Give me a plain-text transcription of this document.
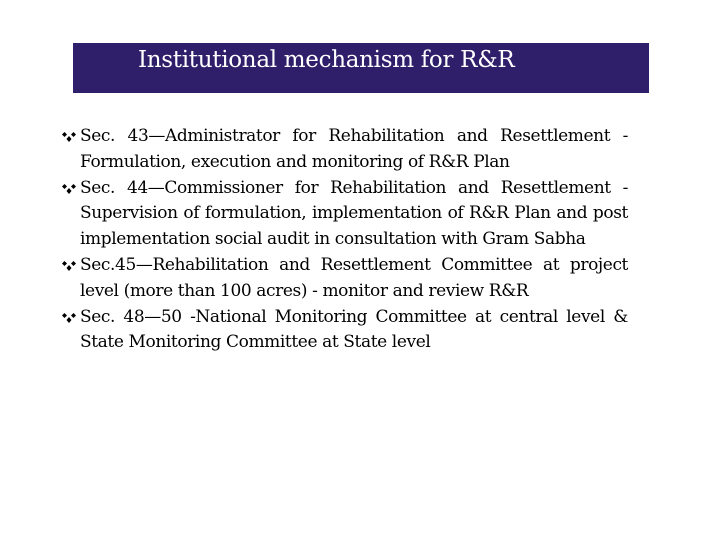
Institutional mechanism for R&R
Sec. 43—Administrator for Rehabilitation and Resettlement -Formulation, execution and monitoring of R&R Plan
Sec. 44—Commissioner for Rehabilitation and Resettlement -Supervision of formulation, implementation of R&R Plan and post implementation social audit in consultation with Gram Sabha
Sec.45—Rehabilitation and Resettlement Committee at project level (more than 100 acres) - monitor and review R&R
Sec. 48—50 -National Monitoring Committee at central level & State Monitoring Committee at State level
